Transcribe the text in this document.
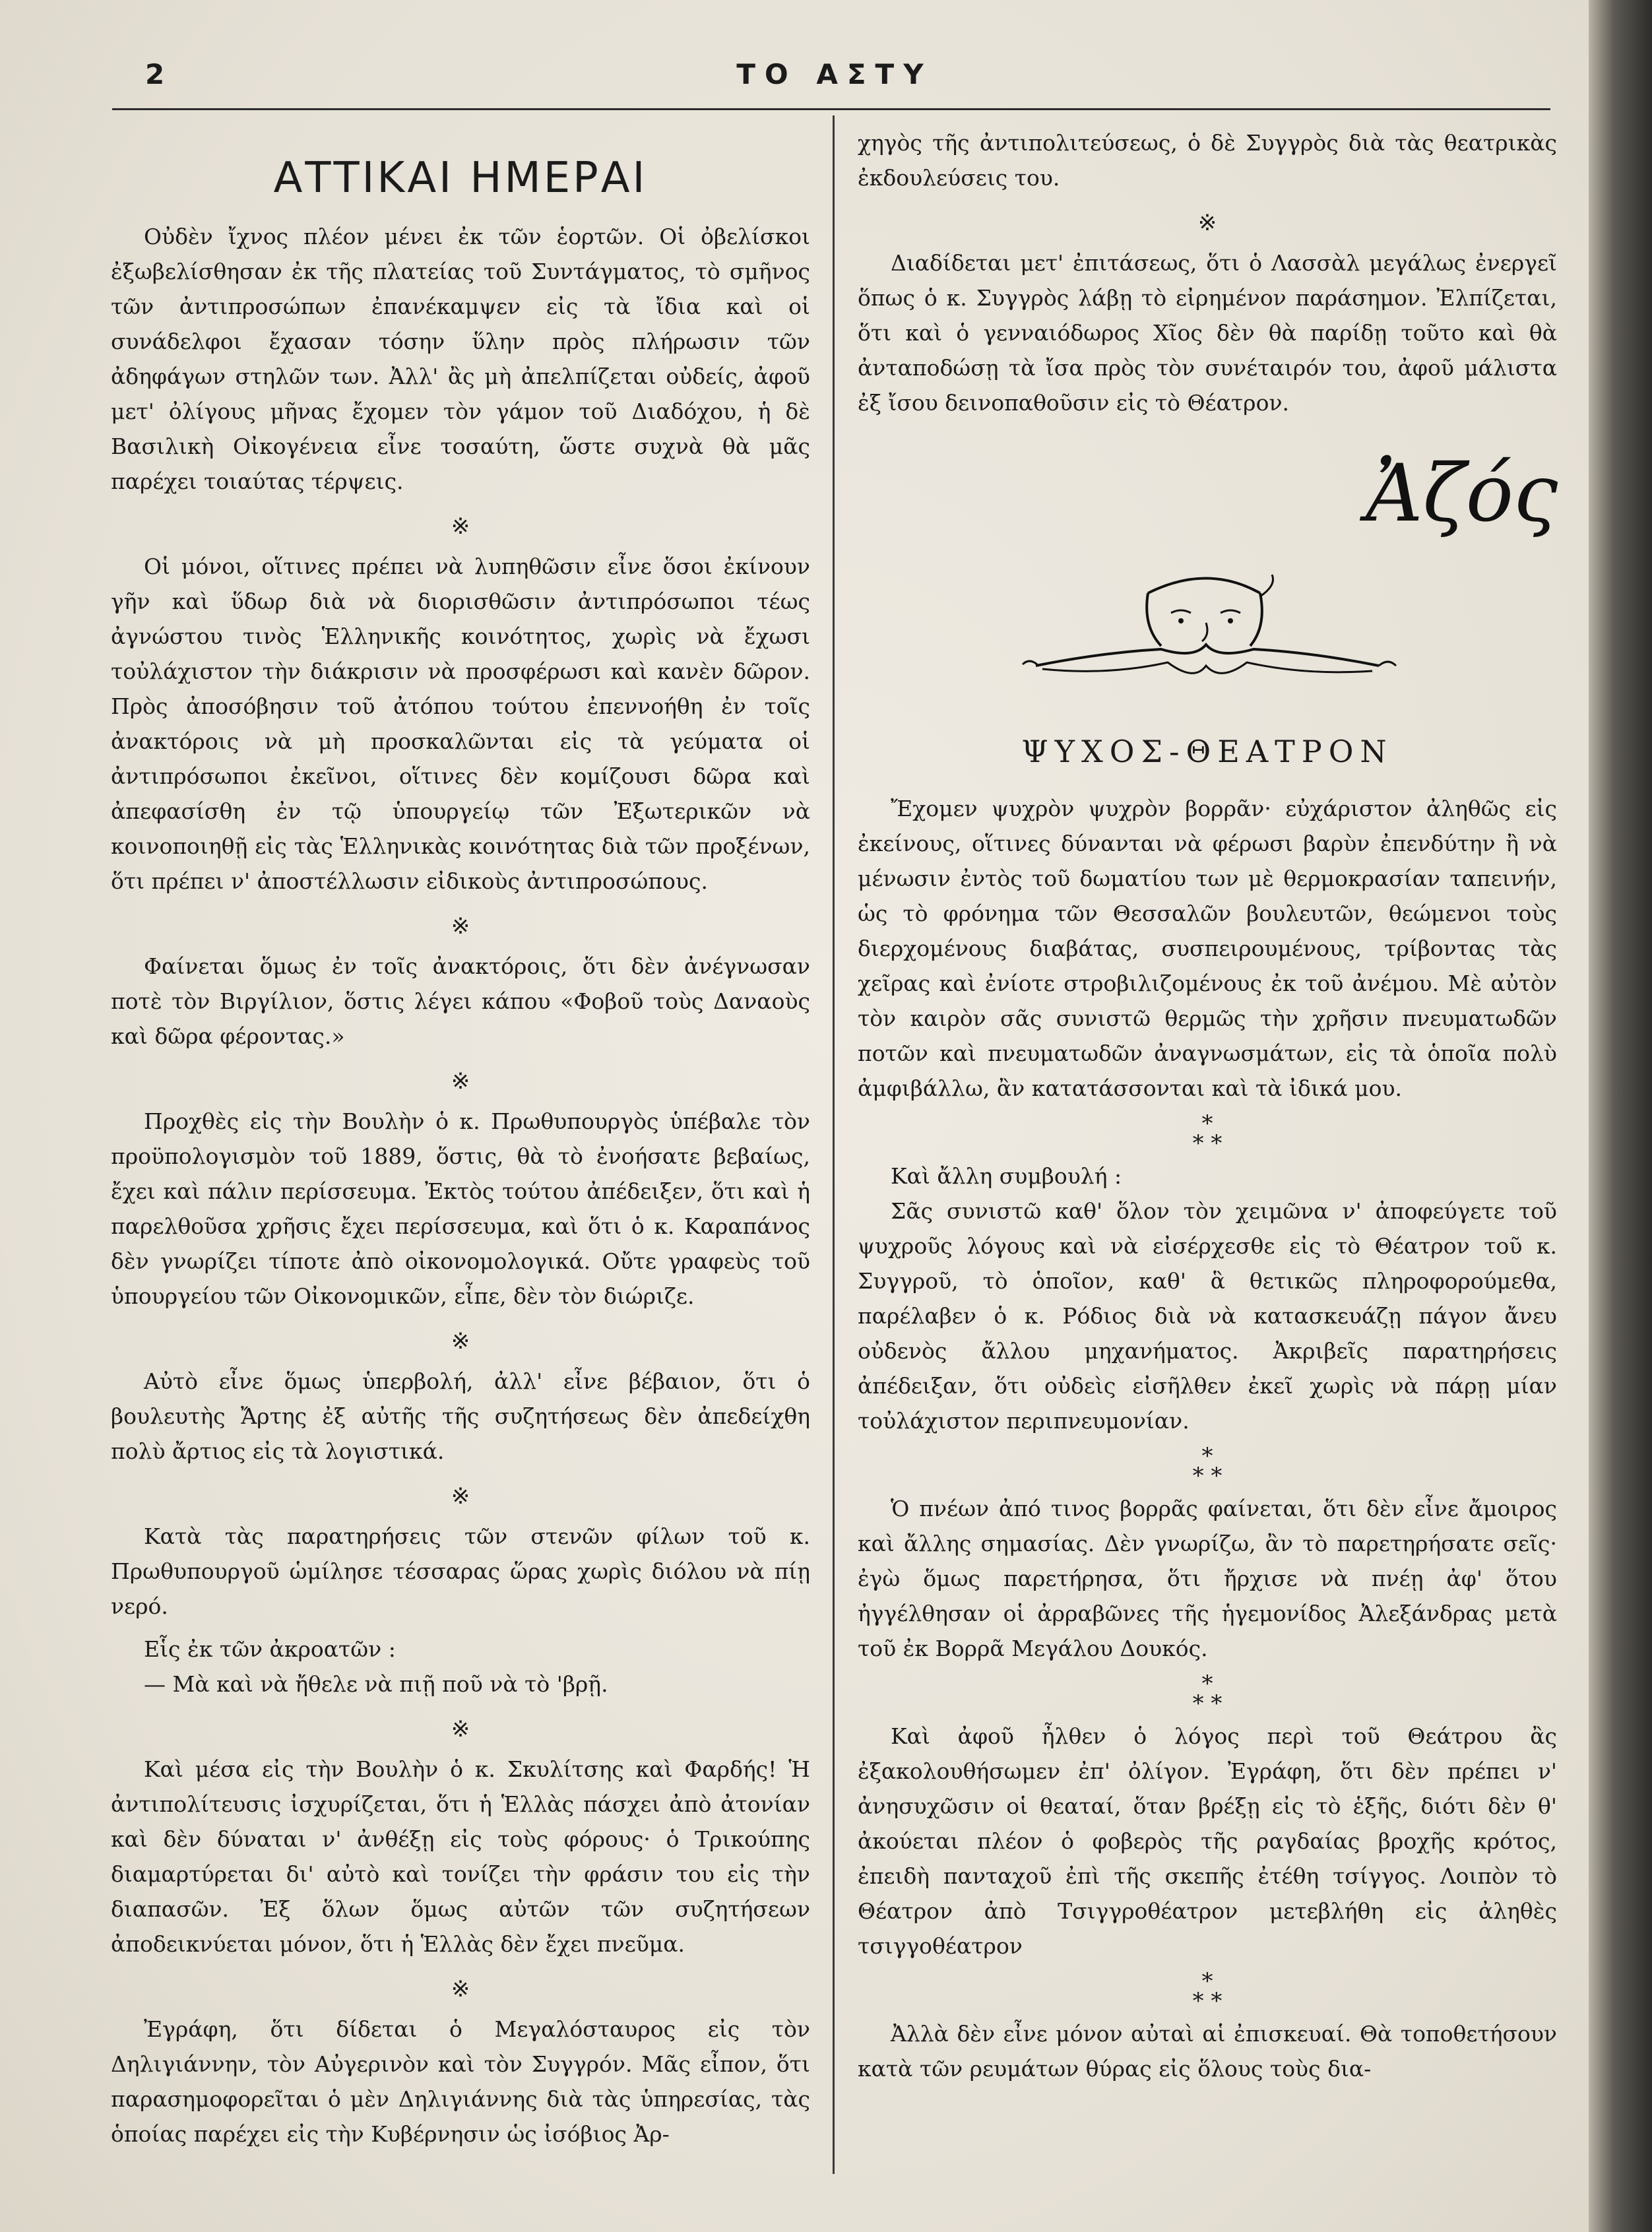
2	ΤΟ ΑΣΤΥ
ΑΤΤΙΚΑΙ ΗΜΕΡΑΙ

Οὐδὲν ἴχνος πλέον μένει ἐκ τῶν ἑορτῶν. Οἱ ὀβελίσκοι ἐξωβελίσθησαν ἐκ τῆς πλατείας τοῦ Συντάγματος, τὸ σμῆνος τῶν ἀντιπροσώπων ἐπανέκαμψεν εἰς τὰ ἴδια καὶ οἱ συνάδελφοι ἔχασαν τόσην ὕλην πρὸς πλήρωσιν τῶν ἀδηφάγων στηλῶν των. Ἀλλ' ἂς μὴ ἀπελπίζεται οὐδείς, ἀφοῦ μετ' ὀλίγους μῆνας ἔχομεν τὸν γάμον τοῦ Διαδόχου, ἡ δὲ Βασιλικὴ Οἰκογένεια εἶνε τοσαύτη, ὥστε συχνὰ θὰ μᾶς παρέχει τοιαύτας τέρψεις.

※

Οἱ μόνοι, οἵτινες πρέπει νὰ λυπηθῶσιν εἶνε ὅσοι ἐκίνουν γῆν καὶ ὕδωρ διὰ νὰ διορισθῶσιν ἀντιπρόσωποι τέως ἀγνώστου τινὸς Ἑλληνικῆς κοινότητος, χωρὶς νὰ ἔχωσι τοὐλάχιστον τὴν διάκρισιν νὰ προσφέρωσι καὶ κανὲν δῶρον. Πρὸς ἀποσόβησιν τοῦ ἀτόπου τούτου ἐπεννοήθη ἐν τοῖς ἀνακτόροις νὰ μὴ προσκαλῶνται εἰς τὰ γεύματα οἱ ἀντιπρόσωποι ἐκεῖνοι, οἵτινες δὲν κομίζουσι δῶρα καὶ ἀπεφασίσθη ἐν τῷ ὑπουργείῳ τῶν Ἐξωτερικῶν νὰ κοινοποιηθῇ εἰς τὰς Ἑλληνικὰς κοινότητας διὰ τῶν προξένων, ὅτι πρέπει ν' ἀποστέλλωσιν εἰδικοὺς ἀντιπροσώπους.

※

Φαίνεται ὅμως ἐν τοῖς ἀνακτόροις, ὅτι δὲν ἀνέγνωσαν ποτὲ τὸν Βιργίλιον, ὅστις λέγει κάπου «Φοβοῦ τοὺς Δαναοὺς καὶ δῶρα φέροντας.»

※

Προχθὲς εἰς τὴν Βουλὴν ὁ κ. Πρωθυπουργὸς ὑπέβαλε τὸν προϋπολογισμὸν τοῦ 1889, ὅστις, θὰ τὸ ἐνοήσατε βεβαίως, ἔχει καὶ πάλιν περίσσευμα. Ἐκτὸς τούτου ἀπέδειξεν, ὅτι καὶ ἡ παρελθοῦσα χρῆσις ἔχει περίσσευμα, καὶ ὅτι ὁ κ. Καραπάνος δὲν γνωρίζει τίποτε ἀπὸ οἰκονομολογικά. Οὔτε γραφεὺς τοῦ ὑπουργείου τῶν Οἰκονομικῶν, εἶπε, δὲν τὸν διώριζε.

※

Αὐτὸ εἶνε ὅμως ὑπερβολή, ἀλλ' εἶνε βέβαιον, ὅτι ὁ βουλευτὴς Ἄρτης ἐξ αὐτῆς τῆς συζητήσεως δὲν ἀπεδείχθη πολὺ ἄρτιος εἰς τὰ λογιστικά.

※

Κατὰ τὰς παρατηρήσεις τῶν στενῶν φίλων τοῦ κ. Πρωθυπουργοῦ ὡμίλησε τέσσαρας ὥρας χωρὶς διόλου νὰ πίῃ νερό.

Εἷς ἐκ τῶν ἀκροατῶν :

— Μὰ καὶ νὰ ἤθελε νὰ πιῇ ποῦ νὰ τὸ 'βρῇ.

※

Καὶ μέσα εἰς τὴν Βουλὴν ὁ κ. Σκυλίτσης καὶ Φαρδής! Ἡ ἀντιπολίτευσις ἰσχυρίζεται, ὅτι ἡ Ἑλλὰς πάσχει ἀπὸ ἀτονίαν καὶ δὲν δύναται ν' ἀνθέξῃ εἰς τοὺς φόρους· ὁ Τρικούπης διαμαρτύρεται δι' αὐτὸ καὶ τονίζει τὴν φράσιν του εἰς τὴν διαπασῶν. Ἐξ ὅλων ὅμως αὐτῶν τῶν συζητήσεων ἀποδεικνύεται μόνον, ὅτι ἡ Ἑλλὰς δὲν ἔχει πνεῦμα.

※

Ἐγράφη, ὅτι δίδεται ὁ Μεγαλόσταυρος εἰς τὸν Δηλιγιάννην, τὸν Αὐγερινὸν καὶ τὸν Συγγρόν. Μᾶς εἶπον, ὅτι παρασημοφορεῖται ὁ μὲν Δηλιγιάννης διὰ τὰς ὑπηρεσίας, τὰς ὁποίας παρέχει εἰς τὴν Κυβέρνησιν ὡς ἰσόβιος Ἀρ-

χηγὸς τῆς ἀντιπολιτεύσεως, ὁ δὲ Συγγρὸς διὰ τὰς θεατρικὰς ἐκδουλεύσεις του.

※

Διαδίδεται μετ' ἐπιτάσεως, ὅτι ὁ Λασσὰλ μεγάλως ἐνεργεῖ ὅπως ὁ κ. Συγγρὸς λάβῃ τὸ εἰρημένον παράσημον. Ἐλπίζεται, ὅτι καὶ ὁ γενναιόδωρος Χῖος δὲν θὰ παρίδῃ τοῦτο καὶ θὰ ἀνταποδώσῃ τὰ ἴσα πρὸς τὸν συνέταιρόν του, ἀφοῦ μάλιστα ἐξ ἴσου δεινοπαθοῦσιν εἰς τὸ Θέατρον.

Ἀζός
ΨΥΧΟΣ-ΘΕΑΤΡΟΝ

Ἔχομεν ψυχρὸν ψυχρὸν βορρᾶν· εὐχάριστον ἀληθῶς εἰς ἐκείνους, οἵτινες δύνανται νὰ φέρωσι βαρὺν ἐπενδύτην ἢ νὰ μένωσιν ἐντὸς τοῦ δωματίου των μὲ θερμοκρασίαν ταπεινήν, ὡς τὸ φρόνημα τῶν Θεσσαλῶν βουλευτῶν, θεώμενοι τοὺς διερχομένους διαβάτας, συσπειρουμένους, τρίβοντας τὰς χεῖρας καὶ ἐνίοτε στροβιλιζομένους ἐκ τοῦ ἀνέμου. Μὲ αὐτὸν τὸν καιρὸν σᾶς συνιστῶ θερμῶς τὴν χρῆσιν πνευματωδῶν ποτῶν καὶ πνευματωδῶν ἀναγνωσμάτων, εἰς τὰ ὁποῖα πολὺ ἀμφιβάλλω, ἂν κατατάσσονται καὶ τὰ ἰδικά μου.

*
* *

Καὶ ἄλλη συμβουλή :

Σᾶς συνιστῶ καθ' ὅλον τὸν χειμῶνα ν' ἀποφεύγετε τοῦ ψυχροῦς λόγους καὶ νὰ εἰσέρχεσθε εἰς τὸ Θέατρον τοῦ κ. Συγγροῦ, τὸ ὁποῖον, καθ' ἃ θετικῶς πληροφορούμεθα, παρέλαβεν ὁ κ. Ρόδιος διὰ νὰ κατασκευάζῃ πάγον ἄνευ οὐδενὸς ἄλλου μηχανήματος. Ἀκριβεῖς παρατηρήσεις ἀπέδειξαν, ὅτι οὐδεὶς εἰσῆλθεν ἐκεῖ χωρὶς νὰ πάρῃ μίαν τοὐλάχιστον περιπνευμονίαν.

*
* *

Ὁ πνέων ἀπό τινος βορρᾶς φαίνεται, ὅτι δὲν εἶνε ἄμοιρος καὶ ἄλλης σημασίας. Δὲν γνωρίζω, ἂν τὸ παρετηρήσατε σεῖς· ἐγὼ ὅμως παρετήρησα, ὅτι ἤρχισε νὰ πνέῃ ἀφ' ὅτου ἠγγέλθησαν οἱ ἀρραβῶνες τῆς ἡγεμονίδος Ἀλεξάνδρας μετὰ τοῦ ἐκ Βορρᾶ Μεγάλου Δουκός.

*
* *

Καὶ ἀφοῦ ἦλθεν ὁ λόγος περὶ τοῦ Θεάτρου ἂς ἐξακολουθήσωμεν ἐπ' ὀλίγον. Ἐγράφη, ὅτι δὲν πρέπει ν' ἀνησυχῶσιν οἱ θεαταί, ὅταν βρέξῃ εἰς τὸ ἑξῆς, διότι δὲν θ' ἀκούεται πλέον ὁ φοβερὸς τῆς ραγδαίας βροχῆς κρότος, ἐπειδὴ πανταχοῦ ἐπὶ τῆς σκεπῆς ἐτέθη τσίγγος. Λοιπὸν τὸ Θέατρον ἀπὸ Τσιγγροθέατρον μετεβλήθη εἰς ἀληθὲς τσιγγοθέατρον

*
* *

Ἀλλὰ δὲν εἶνε μόνον αὐταὶ αἱ ἐπισκευαί. Θὰ τοποθετήσουν κατὰ τῶν ρευμάτων θύρας εἰς ὅλους τοὺς δια-
